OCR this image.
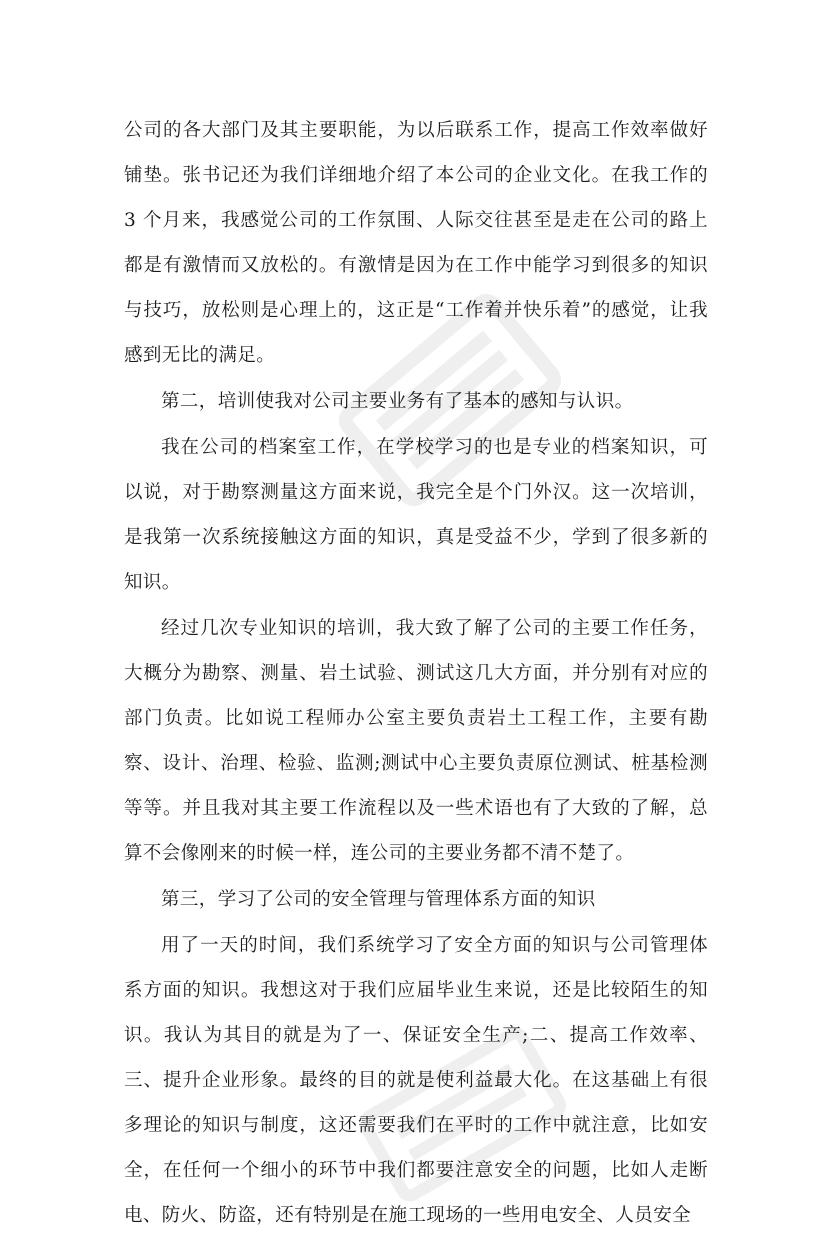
公司的各大部门及其主要职能，为以后联系工作，提高工作效率做好铺垫。张书记还为我们详细地介绍了本公司的企业文化。在我工作的 3 个月来，我感觉公司的工作氛围、人际交往甚至是走在公司的路上都是有激情而又放松的。有激情是因为在工作中能学习到很多的知识与技巧，放松则是心理上的，这正是“工作着并快乐着”的感觉，让我感到无比的满足。

第二，培训使我对公司主要业务有了基本的感知与认识。

我在公司的档案室工作，在学校学习的也是专业的档案知识，可以说，对于勘察测量这方面来说，我完全是个门外汉。这一次培训，是我第一次系统接触这方面的知识，真是受益不少，学到了很多新的知识。

经过几次专业知识的培训，我大致了解了公司的主要工作任务，大概分为勘察、测量、岩土试验、测试这几大方面，并分别有对应的部门负责。比如说工程师办公室主要负责岩土工程工作，主要有勘察、设计、治理、检验、监测;测试中心主要负责原位测试、桩基检测等等。并且我对其主要工作流程以及一些术语也有了大致的了解，总算不会像刚来的时候一样，连公司的主要业务都不清不楚了。

第三，学习了公司的安全管理与管理体系方面的知识

用了一天的时间，我们系统学习了安全方面的知识与公司管理体系方面的知识。我想这对于我们应届毕业生来说，还是比较陌生的知识。我认为其目的就是为了一、保证安全生产;二、提高工作效率、三、提升企业形象。最终的目的就是使利益最大化。在这基础上有很多理论的知识与制度，这还需要我们在平时的工作中就注意，比如安全，在任何一个细小的环节中我们都要注意安全的问题，比如人走断电、防火、防盗，还有特别是在施工现场的一些用电安全、人员安全
